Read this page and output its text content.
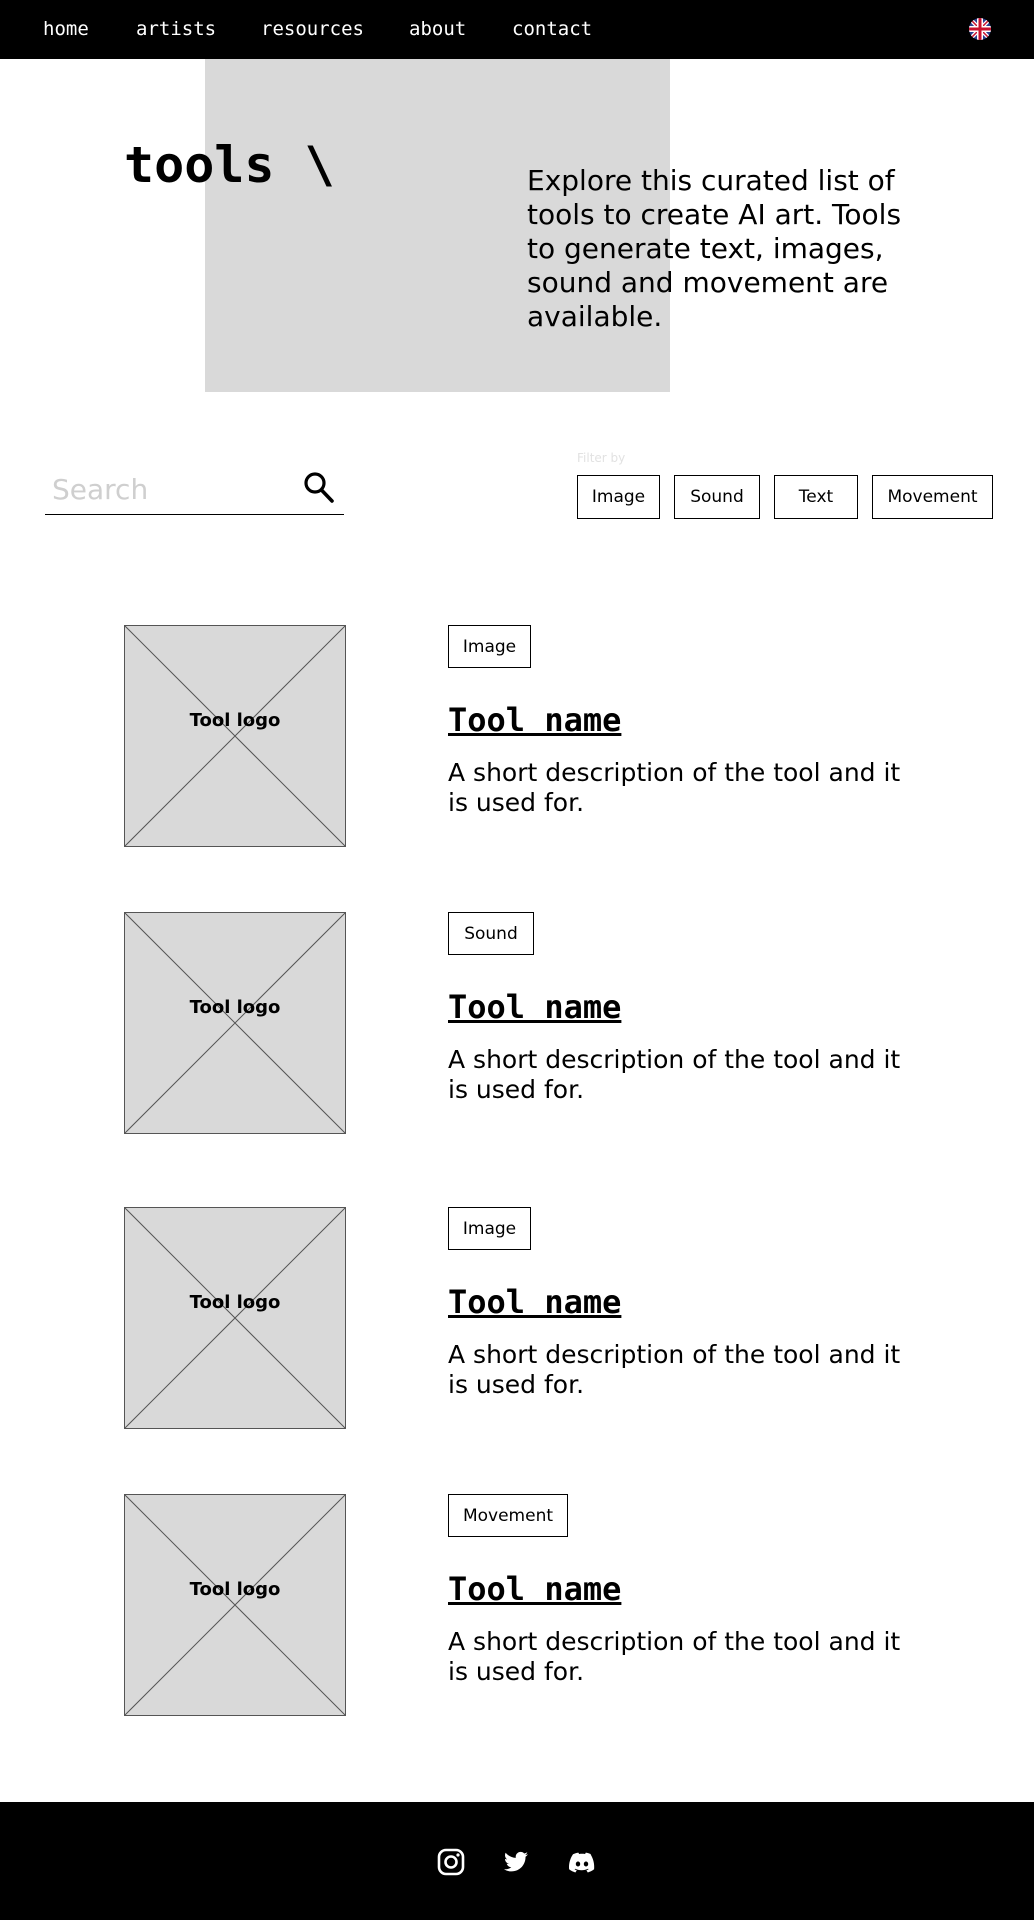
home artists resources about contact
tools \	Explore this curated list of tools to create AI art. Tools to generate text, images, sound and movement are available.
Search
Filter by
Image	Sound	Text	Movement
Tool logo
Image
Tool name
A short description of the tool and it is used for.
Tool logo
Sound
Tool name
A short description of the tool and it is used for.
Tool logo
Image
Tool name
A short description of the tool and it is used for.
Tool logo
Movement
Tool name
A short description of the tool and it is used for.
